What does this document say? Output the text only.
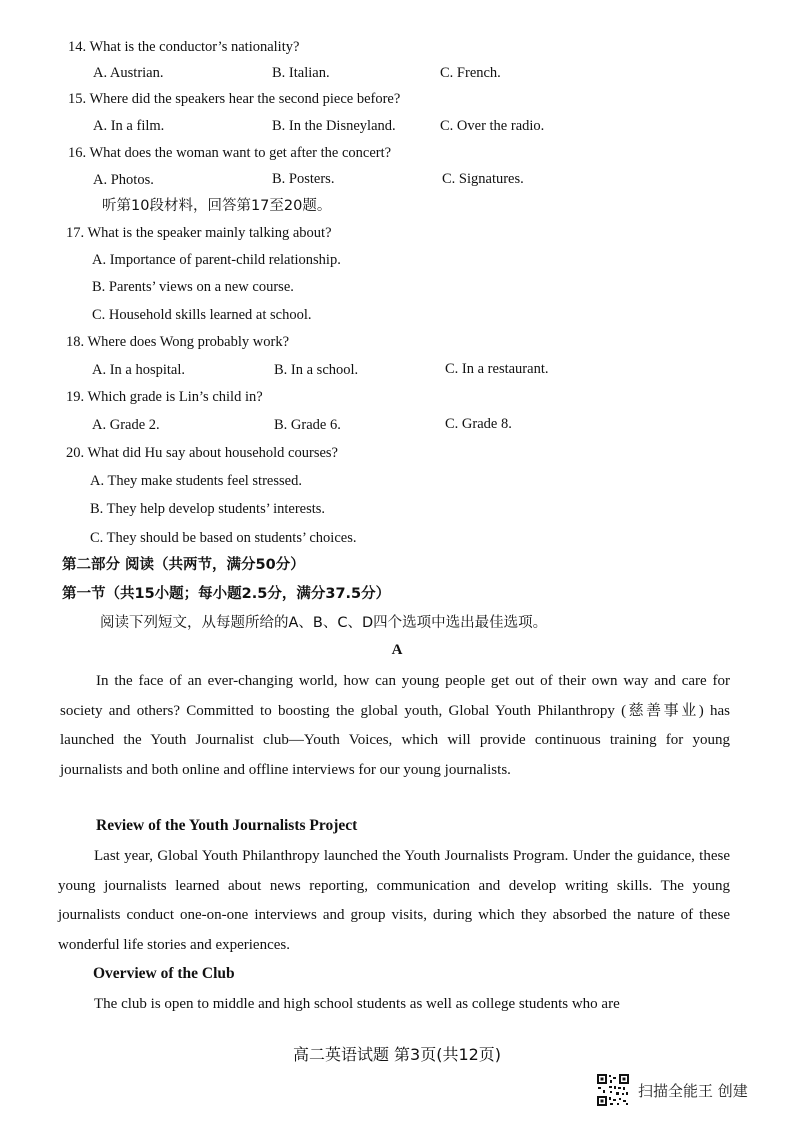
14. What is the conductor’s nationality?
A. Austrian.	B. Italian.	C. French.
15. Where did the speakers hear the second piece before?
A. In a film.	B. In the Disneyland.	C. Over the radio.
16. What does the woman want to get after the concert?
A. Photos.	B. Posters.	C. Signatures.
听第10段材料，回答第17至20题。
17. What is the speaker mainly talking about?
A. Importance of parent-child relationship.
B. Parents’ views on a new course.
C. Household skills learned at school.
18. Where does Wong probably work?
A. In a hospital.	B. In a school.	C. In a restaurant.
19. Which grade is Lin’s child in?
A. Grade 2.	B. Grade 6.	C. Grade 8.
20. What did Hu say about household courses?
A. They make students feel stressed.
B. They help develop students’ interests.
C. They should be based on students’ choices.
第二部分 阅读（共两节，满分50分）
第一节（共15小题；每小题2.5分，满分37.5分）
阅读下列短文，从每题所给的A、B、C、D四个选项中选出最佳选项。
A
In the face of an ever-changing world, how can young people get out of their own way and care for society and others? Committed to boosting the global youth, Global Youth Philanthropy (慈善事业) has launched the Youth Journalist club—Youth Voices, which will provide continuous training for young journalists and both online and offline interviews for our young journalists.
Review of the Youth Journalists Project
Last year, Global Youth Philanthropy launched the Youth Journalists Program. Under the guidance, these young journalists learned about news reporting, communication and develop writing skills. The young journalists conduct one-on-one interviews and group visits, during which they absorbed the nature of these wonderful life stories and experiences.
Overview of the Club
The club is open to middle and high school students as well as college students who are
高二英语试题 第3页(共12页)
扫描全能王 创建
